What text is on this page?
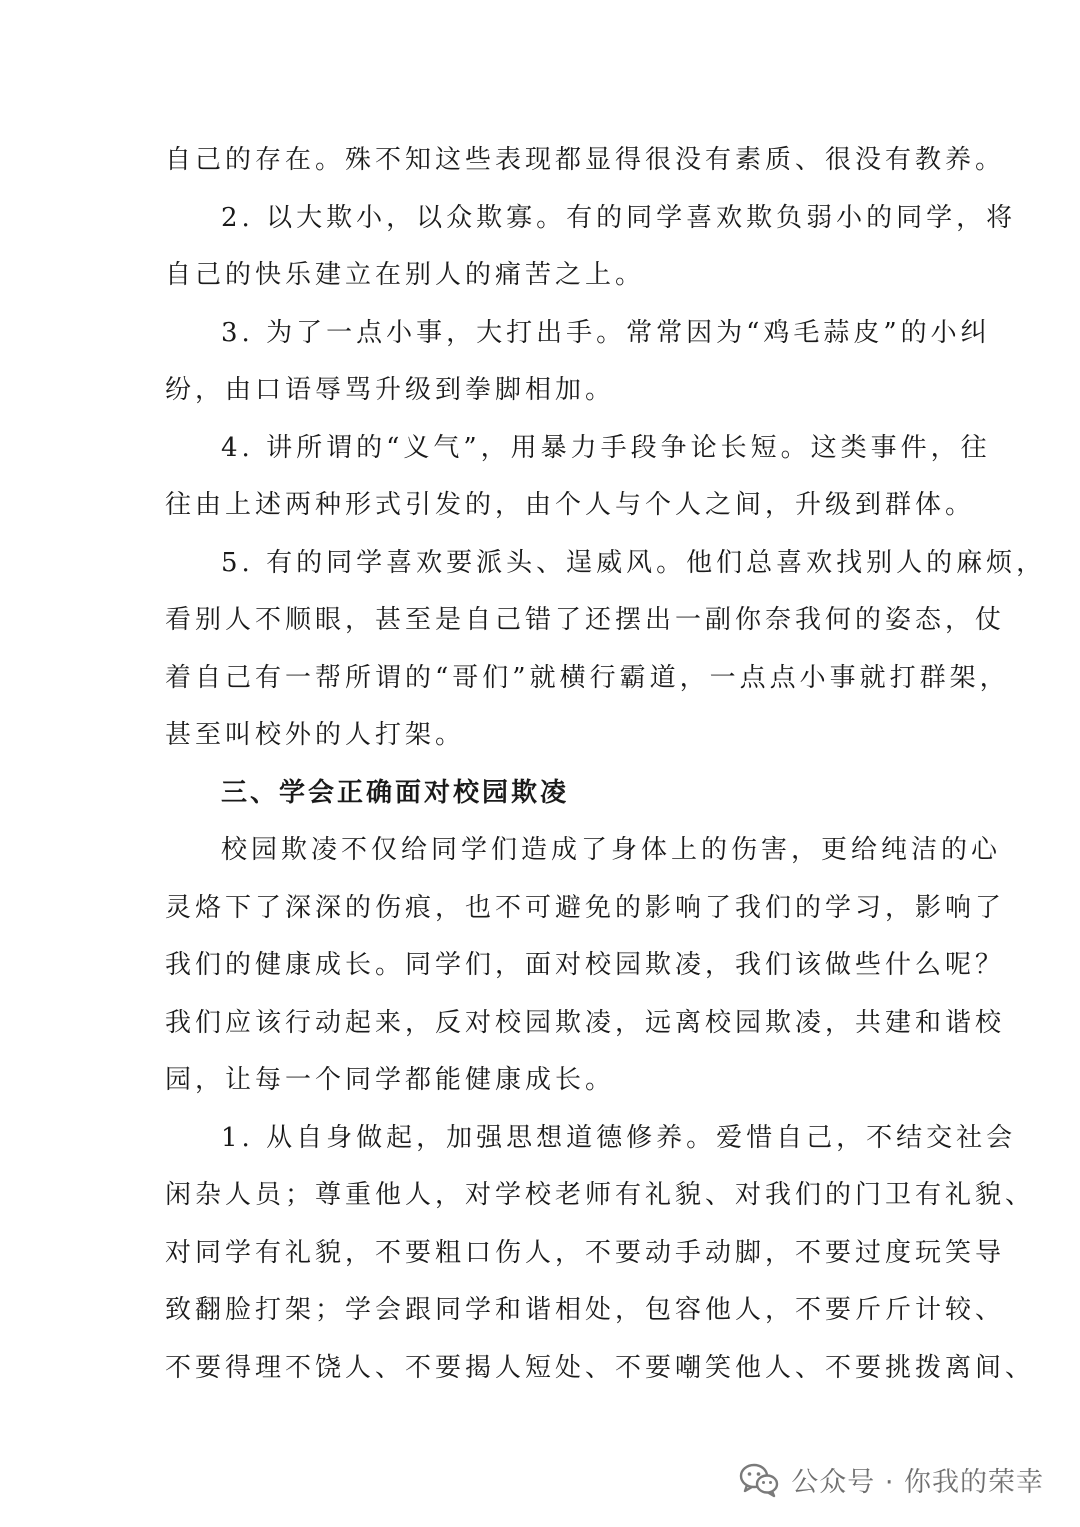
自己的存在。殊不知这些表现都显得很没有素质、很没有教养。
2. 以大欺小，以众欺寡。有的同学喜欢欺负弱小的同学，将
自己的快乐建立在别人的痛苦之上。
3. 为了一点小事，大打出手。常常因为“鸡毛蒜皮”的小纠
纷，由口语辱骂升级到拳脚相加。
4. 讲所谓的“义气”，用暴力手段争论长短。这类事件，往
往由上述两种形式引发的，由个人与个人之间，升级到群体。
5. 有的同学喜欢要派头、逞威风。他们总喜欢找别人的麻烦，
看别人不顺眼，甚至是自己错了还摆出一副你奈我何的姿态，仗
着自己有一帮所谓的“哥们”就横行霸道，一点点小事就打群架，
甚至叫校外的人打架。
三、学会正确面对校园欺凌
校园欺凌不仅给同学们造成了身体上的伤害，更给纯洁的心
灵烙下了深深的伤痕，也不可避免的影响了我们的学习，影响了
我们的健康成长。同学们，面对校园欺凌，我们该做些什么呢？
我们应该行动起来，反对校园欺凌，远离校园欺凌，共建和谐校
园，让每一个同学都能健康成长。
1. 从自身做起，加强思想道德修养。爱惜自己，不结交社会
闲杂人员；尊重他人，对学校老师有礼貌、对我们的门卫有礼貌、
对同学有礼貌，不要粗口伤人，不要动手动脚，不要过度玩笑导
致翻脸打架；学会跟同学和谐相处，包容他人，不要斤斤计较、
不要得理不饶人、不要揭人短处、不要嘲笑他人、不要挑拨离间、
公众号 · 你我的荣幸
